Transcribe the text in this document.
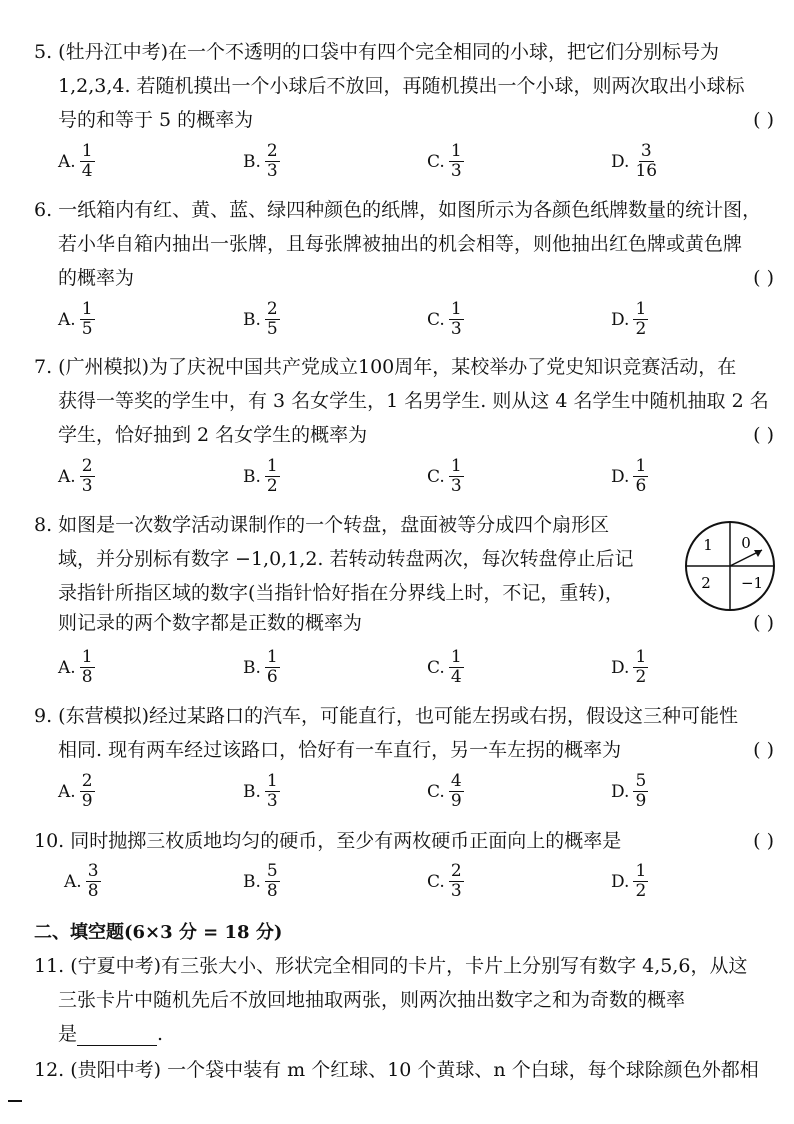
5. (牡丹江中考)在一个不透明的口袋中有四个完全相同的小球，把它们分别标号为
1,2,3,4. 若随机摸出一个小球后不放回，再随机摸出一个小球，则两次取出小球标
号的和等于 5 的概率为	( )
A. $\frac{1}{4}$	B. $\frac{2}{3}$	C. $\frac{1}{3}$	D. $\frac{3}{16}$
6. 一纸箱内有红、黄、蓝、绿四种颜色的纸牌，如图所示为各颜色纸牌数量的统计图，
若小华自箱内抽出一张牌，且每张牌被抽出的机会相等，则他抽出红色牌或黄色牌
的概率为	( )
A. $\frac{1}{5}$	B. $\frac{2}{5}$	C. $\frac{1}{3}$	D. $\frac{1}{2}$
7. (广州模拟)为了庆祝中国共产党成立100周年，某校举办了党史知识竞赛活动，在
获得一等奖的学生中，有 3 名女学生，1 名男学生. 则从这 4 名学生中随机抽取 2 名
学生，恰好抽到 2 名女学生的概率为	( )
A. $\frac{2}{3}$	B. $\frac{1}{2}$	C. $\frac{1}{3}$	D. $\frac{1}{6}$
8. 如图是一次数学活动课制作的一个转盘，盘面被等分成四个扇形区
域，并分别标有数字 −1,0,1,2. 若转动转盘两次，每次转盘停止后记
录指针所指区域的数字(当指针恰好指在分界线上时，不记，重转)，
则记录的两个数字都是正数的概率为	( )
1 0
2 −1
A. $\frac{1}{8}$	B. $\frac{1}{6}$	C. $\frac{1}{4}$	D. $\frac{1}{2}$
9. (东营模拟)经过某路口的汽车，可能直行，也可能左拐或右拐，假设这三种可能性
相同. 现有两车经过该路口，恰好有一车直行，另一车左拐的概率为	( )
A. $\frac{2}{9}$	B. $\frac{1}{3}$	C. $\frac{4}{9}$	D. $\frac{5}{9}$
10. 同时抛掷三枚质地均匀的硬币，至少有两枚硬币正面向上的概率是	( )
A. $\frac{3}{8}$	B. $\frac{5}{8}$	C. $\frac{2}{3}$	D. $\frac{1}{2}$
二、填空题(6×3 分 = 18 分)
11. (宁夏中考)有三张大小、形状完全相同的卡片，卡片上分别写有数字 4,5,6，从这
三张卡片中随机先后不放回地抽取两张，则两次抽出数字之和为奇数的概率
是	.
12. (贵阳中考) 一个袋中装有 m 个红球、10 个黄球、n 个白球，每个球除颜色外都相
